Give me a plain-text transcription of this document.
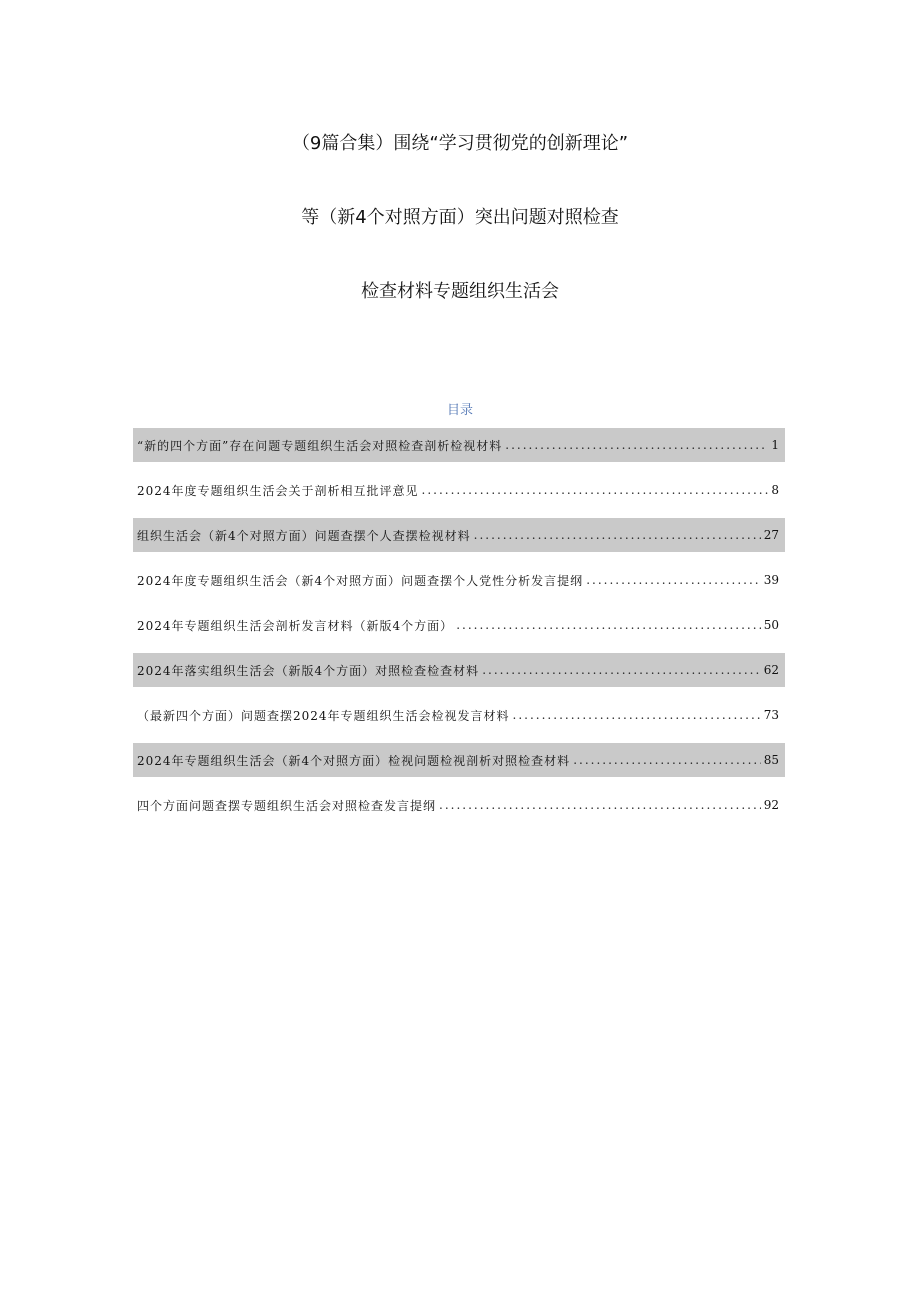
（9篇合集）围绕“学习贯彻党的创新理论”
等（新4个对照方面）突出问题对照检查
检查材料专题组织生活会
目录
“新的四个方面”存在问题专题组织生活会对照检查剖析检视材料 .....	1
2024年度专题组织生活会关于剖析相互批评意见 .....	8
组织生活会（新4个对照方面）问题查摆个人查摆检视材料 .....	27
2024年度专题组织生活会（新4个对照方面）问题查摆个人党性分析发言提纲 .....	39
2024年专题组织生活会剖析发言材料（新版4个方面） .....	50
2024年落实组织生活会（新版4个方面）对照检查检查材料 .....	62
（最新四个方面）问题查摆2024年专题组织生活会检视发言材料 .....	73
2024年专题组织生活会（新4个对照方面）检视问题检视剖析对照检查材料 .....	85
四个方面问题查摆专题组织生活会对照检查发言提纲 .....	92
